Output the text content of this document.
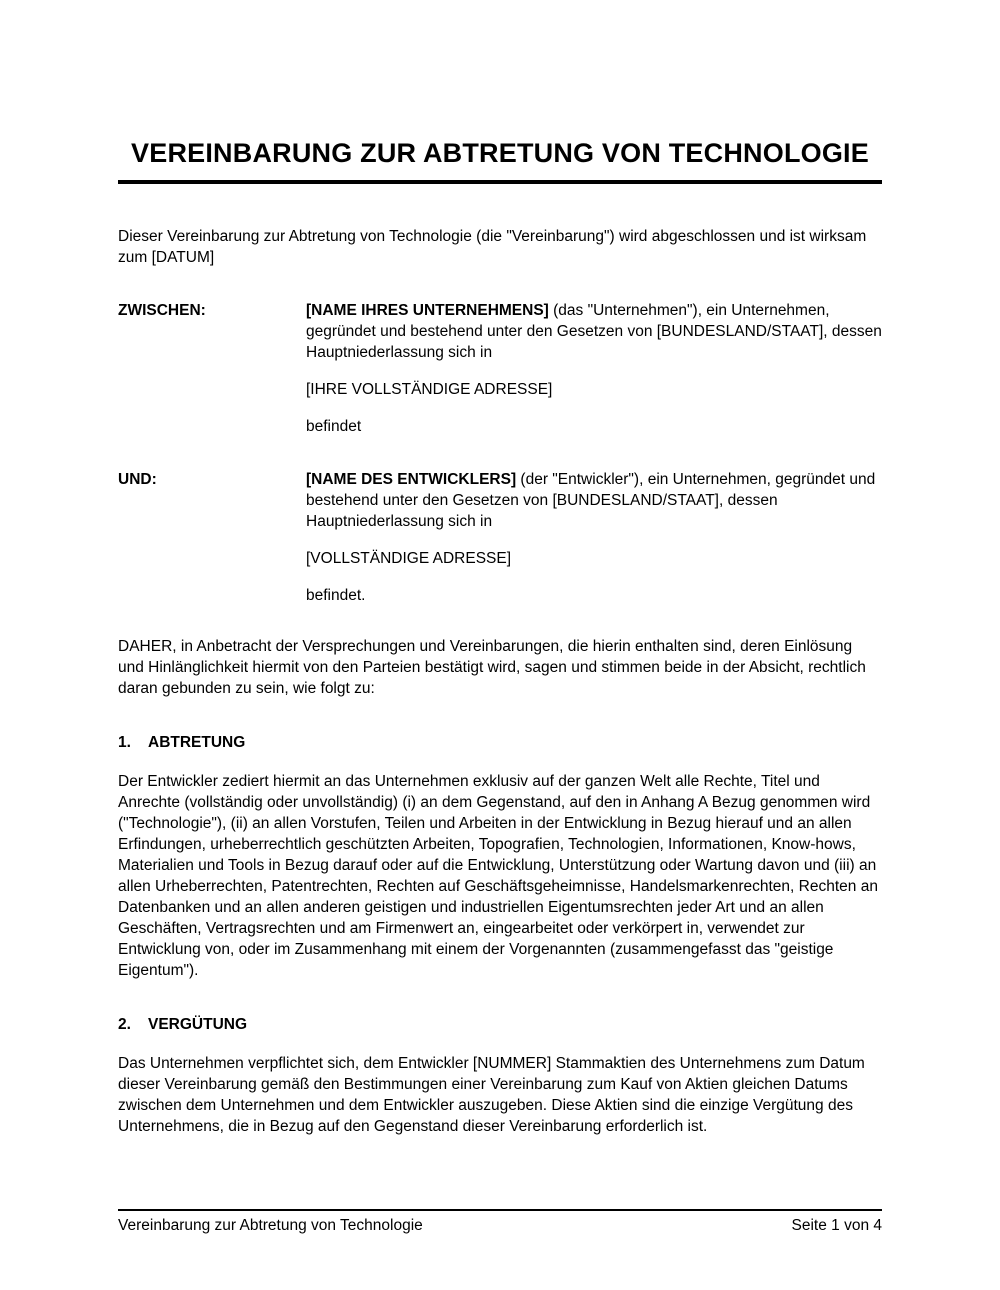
VEREINBARUNG ZUR ABTRETUNG VON TECHNOLOGIE

Dieser Vereinbarung zur Abtretung von Technologie (die "Vereinbarung") wird abgeschlossen und ist wirksam zum [DATUM]

ZWISCHEN:	[NAME IHRES UNTERNEHMENS] (das "Unternehmen"), ein Unternehmen, gegründet und bestehend unter den Gesetzen von [BUNDESLAND/STAAT], dessen Hauptniederlassung sich in

[IHRE VOLLSTÄNDIGE ADRESSE]

befindet

UND:	[NAME DES ENTWICKLERS] (der "Entwickler"), ein Unternehmen, gegründet und bestehend unter den Gesetzen von [BUNDESLAND/STAAT], dessen Hauptniederlassung sich in

[VOLLSTÄNDIGE ADRESSE]

befindet.

DAHER, in Anbetracht der Versprechungen und Vereinbarungen, die hierin enthalten sind, deren Einlösung und Hinlänglichkeit hiermit von den Parteien bestätigt wird, sagen und stimmen beide in der Absicht, rechtlich daran gebunden zu sein, wie folgt zu:

1. ABTRETUNG

Der Entwickler zediert hiermit an das Unternehmen exklusiv auf der ganzen Welt alle Rechte, Titel und Anrechte (vollständig oder unvollständig) (i) an dem Gegenstand, auf den in Anhang A Bezug genommen wird ("Technologie"), (ii) an allen Vorstufen, Teilen und Arbeiten in der Entwicklung in Bezug hierauf und an allen Erfindungen, urheberrechtlich geschützten Arbeiten, Topografien, Technologien, Informationen, Know-hows, Materialien und Tools in Bezug darauf oder auf die Entwicklung, Unterstützung oder Wartung davon und (iii) an allen Urheberrechten, Patentrechten, Rechten auf Geschäftsgeheimnisse, Handelsmarkenrechten, Rechten an Datenbanken und an allen anderen geistigen und industriellen Eigentumsrechten jeder Art und an allen Geschäften, Vertragsrechten und am Firmenwert an, eingearbeitet oder verkörpert in, verwendet zur Entwicklung von, oder im Zusammenhang mit einem der Vorgenannten (zusammengefasst das "geistige Eigentum").

2. VERGÜTUNG

Das Unternehmen verpflichtet sich, dem Entwickler [NUMMER] Stammaktien des Unternehmens zum Datum dieser Vereinbarung gemäß den Bestimmungen einer Vereinbarung zum Kauf von Aktien gleichen Datums zwischen dem Unternehmen und dem Entwickler auszugeben. Diese Aktien sind die einzige Vergütung des Unternehmens, die in Bezug auf den Gegenstand dieser Vereinbarung erforderlich ist.

Vereinbarung zur Abtretung von Technologie	Seite 1 von 4
